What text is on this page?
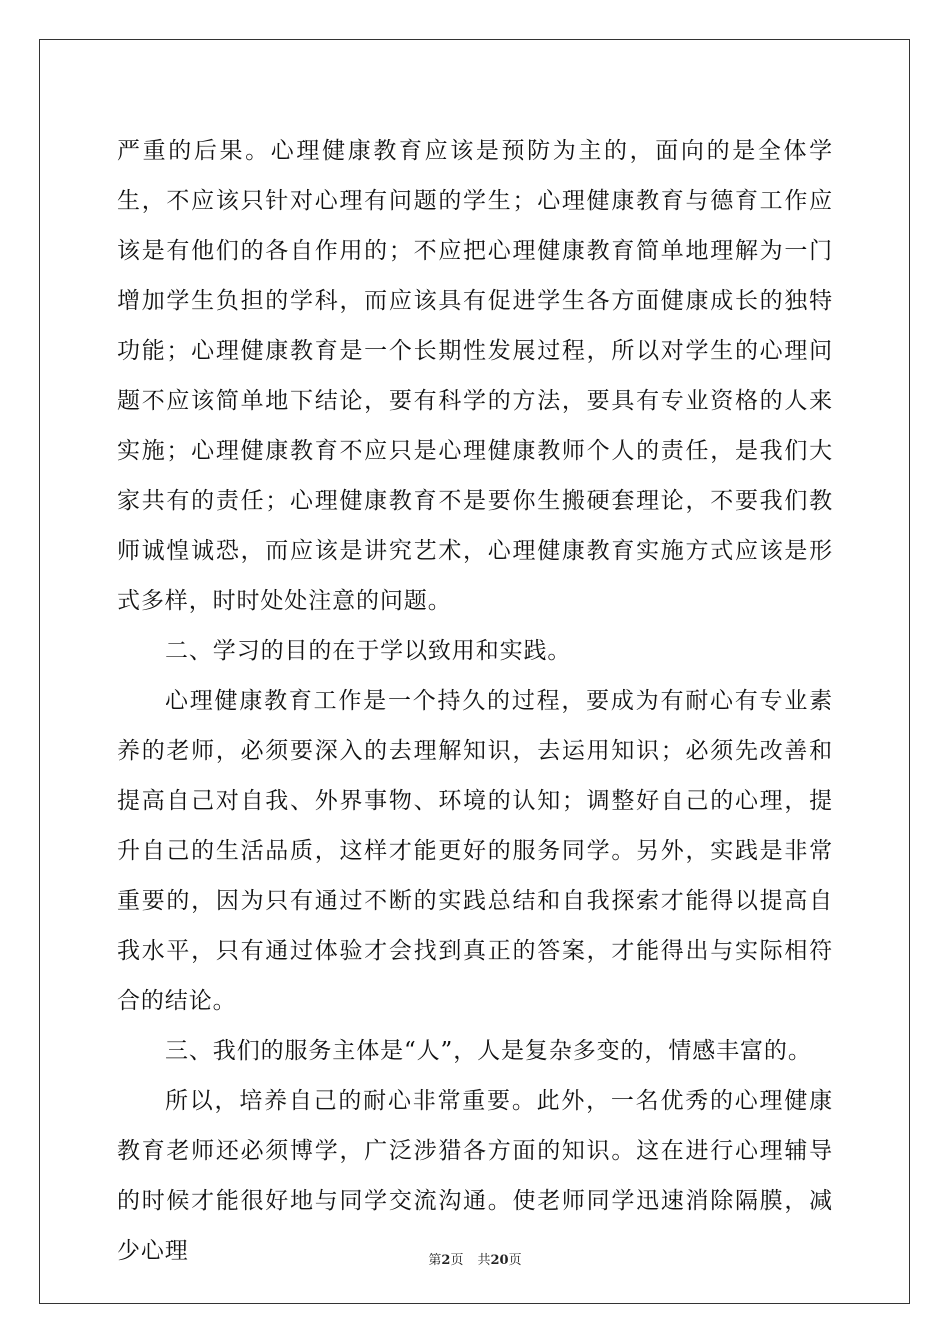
严重的后果。心理健康教育应该是预防为主的，面向的是全体学生，不应该只针对心理有问题的学生；心理健康教育与德育工作应该是有他们的各自作用的；不应把心理健康教育简单地理解为一门增加学生负担的学科，而应该具有促进学生各方面健康成长的独特功能；心理健康教育是一个长期性发展过程，所以对学生的心理问题不应该简单地下结论，要有科学的方法，要具有专业资格的人来实施；心理健康教育不应只是心理健康教师个人的责任，是我们大家共有的责任；心理健康教育不是要你生搬硬套理论，不要我们教师诚惶诚恐，而应该是讲究艺术，心理健康教育实施方式应该是形式多样，时时处处注意的问题。

二、学习的目的在于学以致用和实践。

心理健康教育工作是一个持久的过程，要成为有耐心有专业素养的老师，必须要深入的去理解知识，去运用知识；必须先改善和提高自己对自我、外界事物、环境的认知；调整好自己的心理，提升自己的生活品质，这样才能更好的服务同学。另外，实践是非常重要的，因为只有通过不断的实践总结和自我探索才能得以提高自我水平，只有通过体验才会找到真正的答案，才能得出与实际相符合的结论。

三、我们的服务主体是“人”，人是复杂多变的，情感丰富的。

所以，培养自己的耐心非常重要。此外，一名优秀的心理健康教育老师还必须博学，广泛涉猎各方面的知识。这在进行心理辅导的时候才能很好地与同学交流沟通。使老师同学迅速消除隔膜，减少心理	第2页 共20页
